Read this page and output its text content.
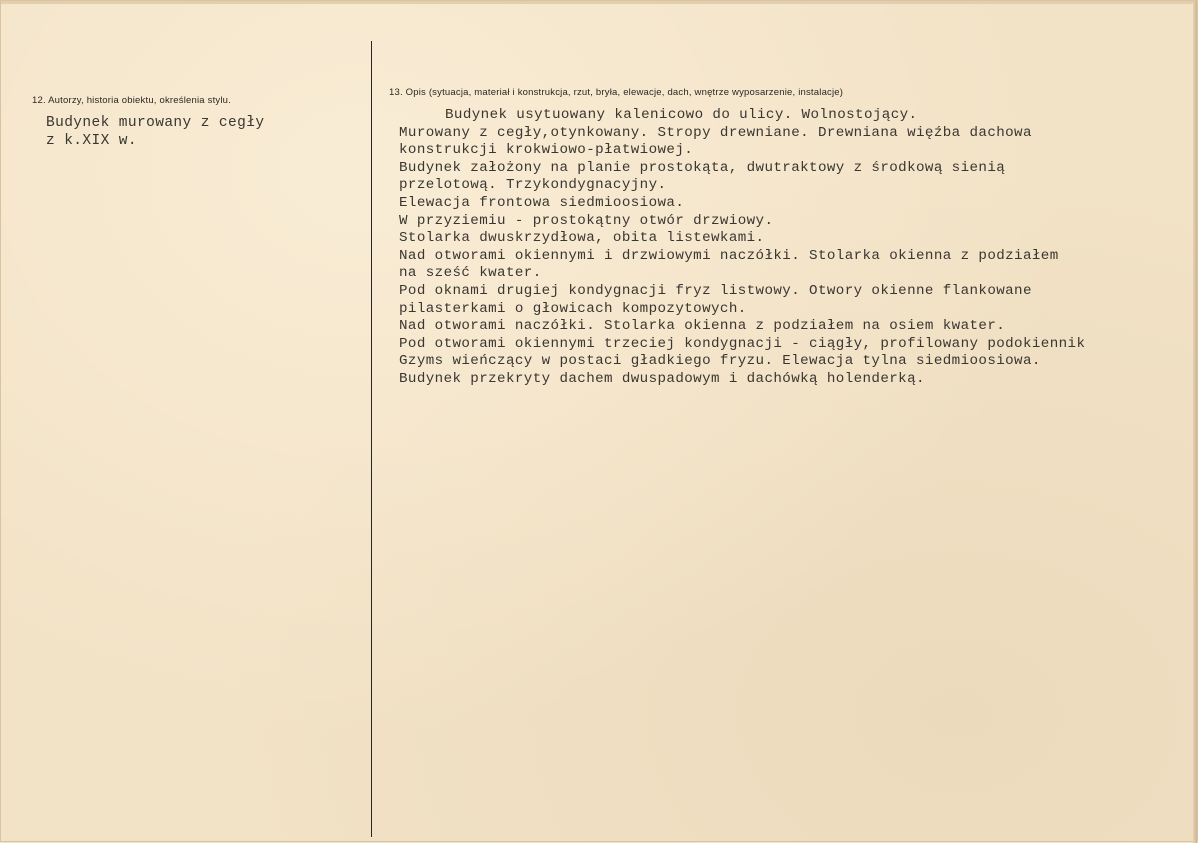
12. Autorzy, historia obiektu, określenia stylu.
Budynek murowany z cegły
z k.XIX w.
13. Opis (sytuacja, materiał i konstrukcja, rzut, bryła, elewacje, dach, wnętrze wyposarzenie, instalacje)
Budynek usytuowany kalenicowo do ulicy. Wolnostojący.
Murowany z cegły,otynkowany. Stropy drewniane. Drewniana więźba dachowa
konstrukcji krokwiowo-płatwiowej.
Budynek założony na planie prostokąta, dwutraktowy z środkową sienią
przelotową. Trzykondygnacyjny.
Elewacja frontowa siedmioosiowa.
W przyziemiu - prostokątny otwór drzwiowy.
Stolarka dwuskrzydłowa, obita listewkami.
Nad otworami okiennymi i drzwiowymi naczółki. Stolarka okienna z podziałem
na sześć kwater.
Pod oknami drugiej kondygnacji fryz listwowy. Otwory okienne flankowane
pilasterkami o głowicach kompozytowych.
Nad otworami naczółki. Stolarka okienna z podziałem na osiem kwater.
Pod otworami okiennymi trzeciej kondygnacji - ciągły, profilowany podokiennik
Gzyms wieńczący w postaci gładkiego fryzu. Elewacja tylna siedmioosiowa.
Budynek przekryty dachem dwuspadowym i dachówką holenderką.
